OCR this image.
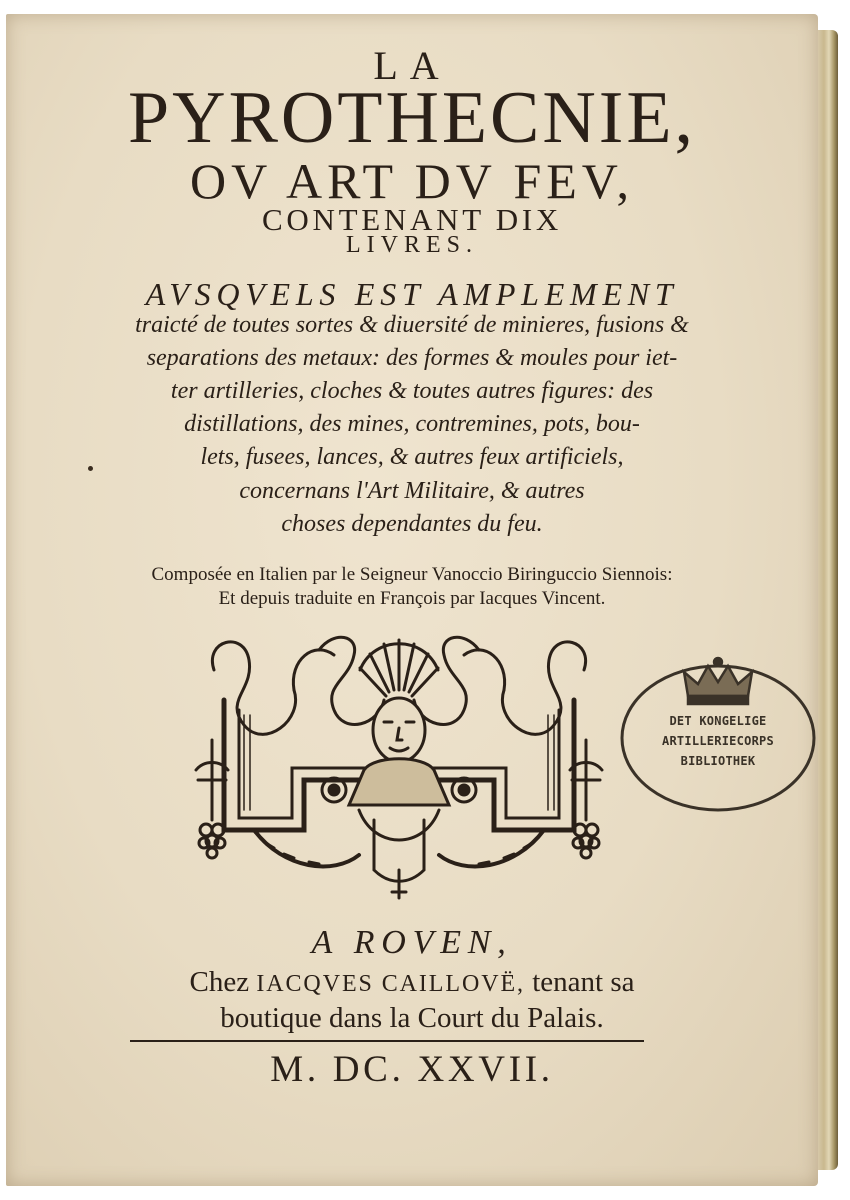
LA
PYROTHECNIE,
OV ART DV FEV,
CONTENANT DIX
LIVRES.
AVSQVELS EST AMPLEMENT
traicté de toutes sortes & diuersité de minieres, fusions &
separations des metaux: des formes & moules pour iet-
ter artilleries, cloches & toutes autres figures: des
distillations, des mines, contremines, pots, bou-
lets, fusees, lances, & autres feux artificiels,
concernans l'Art Militaire, & autres
choses dependantes du feu.
Composée en Italien par le Seigneur Vanoccio Biringuccio Siennois:
Et depuis traduite en François par Iacques Vincent.
DET KONGELIGE
ARTILLERIECORPS
BIBLIOTHEK
A ROVEN,
Chez IACQVES CAILLOVË, tenant sa
boutique dans la Court du Palais.
M. DC. XXVII.
